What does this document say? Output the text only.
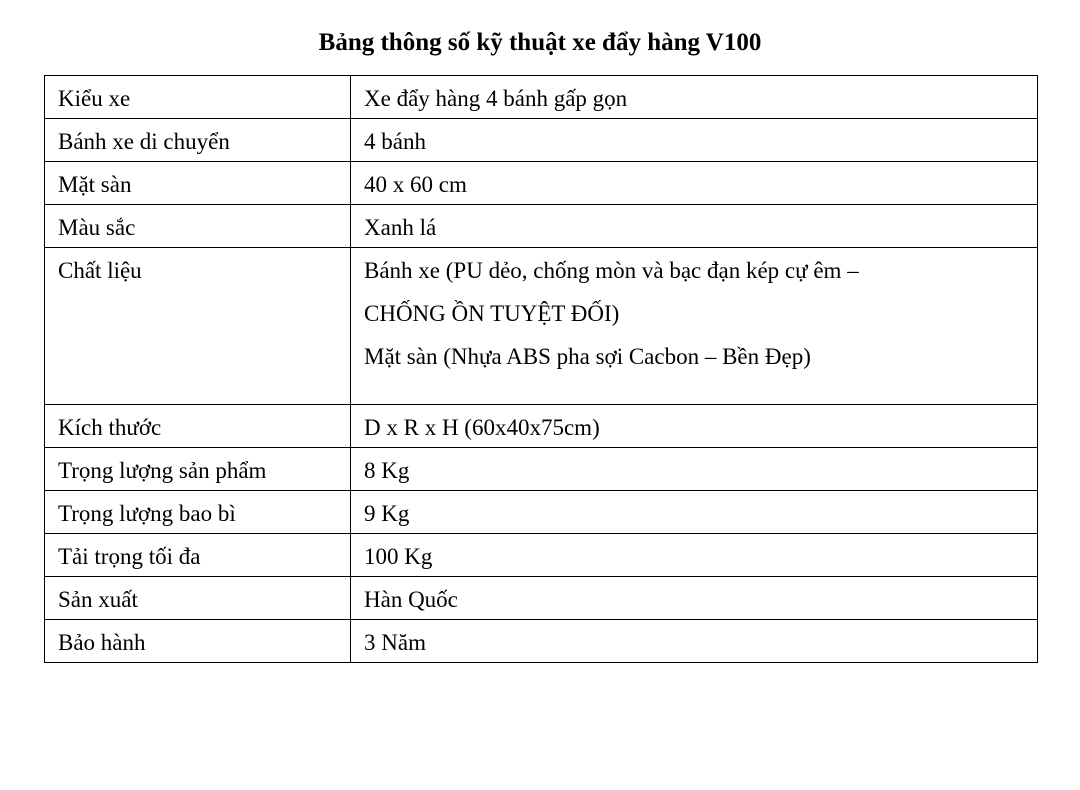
Bảng thông số kỹ thuật xe đẩy hàng V100
Kiểu xe	Xe đẩy hàng 4 bánh gấp gọn

Bánh xe di chuyển	4 bánh

Mặt sàn	40 x 60 cm

Màu sắc	Xanh lá

Chất liệu	Bánh xe (PU dẻo, chống mòn và bạc đạn kép cự êm –
CHỐNG ỒN TUYỆT ĐỐI)
Mặt sàn (Nhựa ABS pha sợi Cacbon – Bền Đẹp)

Kích thước	D x R x H (60x40x75cm)

Trọng lượng sản phẩm	8 Kg

Trọng lượng bao bì	9 Kg

Tải trọng tối đa	100 Kg

Sản xuất	Hàn Quốc

Bảo hành	3 Năm
